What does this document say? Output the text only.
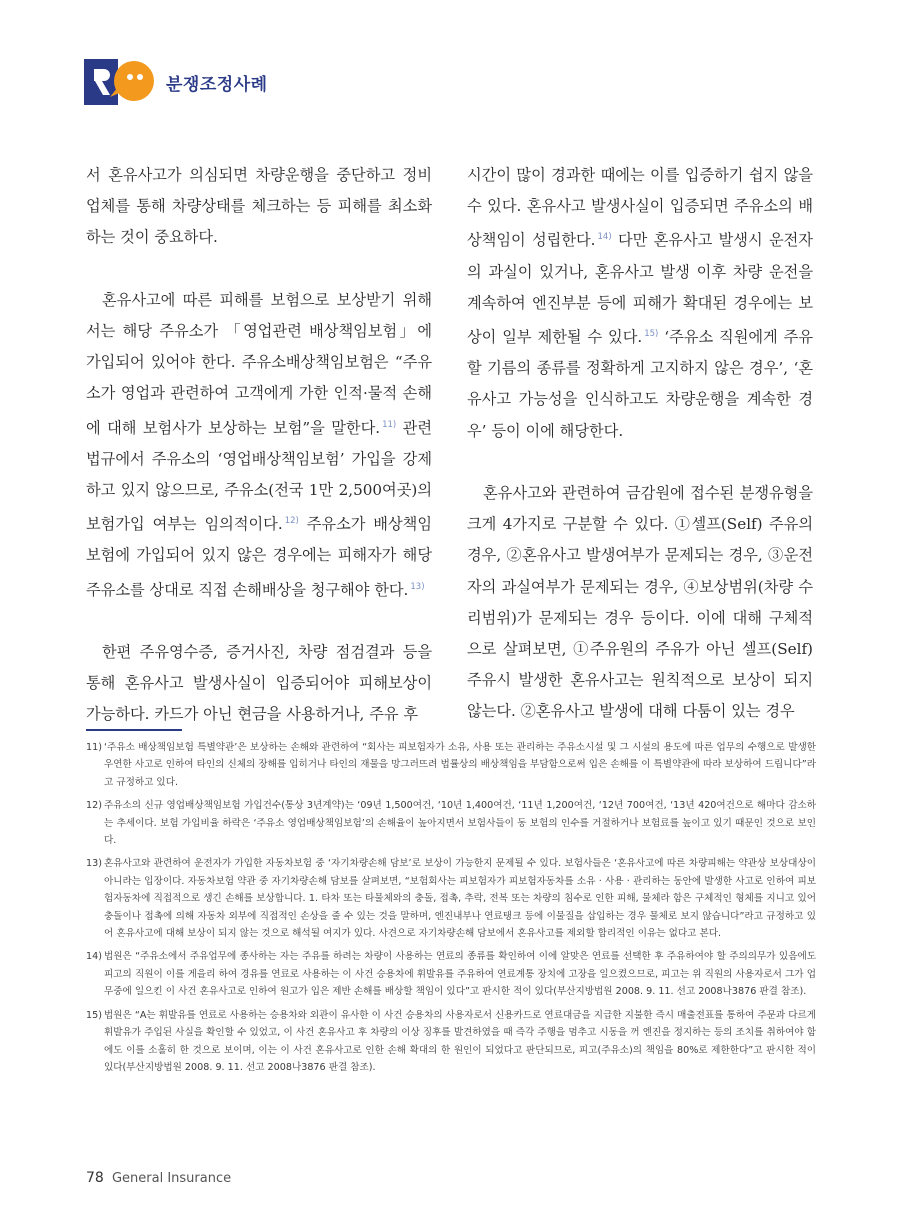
분쟁조정사례

서 혼유사고가 의심되면 차량운행을 중단하고 정비업체를 통해 차량상태를 체크하는 등 피해를 최소화하는 것이 중요하다.

혼유사고에 따른 피해를 보험으로 보상받기 위해서는 해당 주유소가 「영업관련 배상책임보험」에 가입되어 있어야 한다. 주유소배상책임보험은 “주유소가 영업과 관련하여 고객에게 가한 인적·물적 손해에 대해 보험사가 보상하는 보험”을 말한다. $^{11)}$ 관련 법규에서 주유소의 ‘영업배상책임보험’ 가입을 강제하고 있지 않으므로, 주유소(전국 1만 2,500여곳)의 보험가입 여부는 임의적이다. $^{12)}$ 주유소가 배상책임보험에 가입되어 있지 않은 경우에는 피해자가 해당 주유소를 상대로 직접 손해배상을 청구해야 한다. $^{13)}$

한편 주유영수증, 증거사진, 차량 점검결과 등을 통해 혼유사고 발생사실이 입증되어야 피해보상이 가능하다. 카드가 아닌 현금을 사용하거나, 주유 후

시간이 많이 경과한 때에는 이를 입증하기 쉽지 않을 수 있다. 혼유사고 발생사실이 입증되면 주유소의 배상책임이 성립한다. $^{14)}$ 다만 혼유사고 발생시 운전자의 과실이 있거나, 혼유사고 발생 이후 차량 운전을 계속하여 엔진부분 등에 피해가 확대된 경우에는 보상이 일부 제한될 수 있다. $^{15)}$ ‘주유소 직원에게 주유할 기름의 종류를 정확하게 고지하지 않은 경우’, ‘혼유사고 가능성을 인식하고도 차량운행을 계속한 경우’ 등이 이에 해당한다.

혼유사고와 관련하여 금감원에 접수된 분쟁유형을 크게 4가지로 구분할 수 있다. ①셀프(Self) 주유의 경우, ②혼유사고 발생여부가 문제되는 경우, ③운전자의 과실여부가 문제되는 경우, ④보상범위(차량 수리범위)가 문제되는 경우 등이다. 이에 대해 구체적으로 살펴보면, ①주유원의 주유가 아닌 셀프(Self) 주유시 발생한 혼유사고는 원칙적으로 보상이 되지 않는다. ②혼유사고 발생에 대해 다툼이 있는 경우

11) ‘주유소 배상책임보험 특별약관’은 보상하는 손해와 관련하여 “회사는 피보험자가 소유, 사용 또는 관리하는 주유소시설 및 그 시설의 용도에 따른 업무의 수행으로 발생한 우연한 사고로 인하여 타인의 신체의 장해를 입히거나 타인의 재물을 망그러뜨려 법률상의 배상책임을 부담함으로써 입은 손해를 이 특별약관에 따라 보상하여 드립니다”라고 규정하고 있다.
12) 주유소의 신규 영업배상책임보험 가입건수(통상 3년계약)는 ‘09년 1,500여건, ‘10년 1,400여건, ‘11년 1,200여건, ‘12년 700여건, ‘13년 420여건으로 해마다 감소하는 추세이다. 보험 가입비율 하락은 ‘주유소 영업배상책임보험’의 손해율이 높아지면서 보험사들이 동 보험의 인수를 거절하거나 보험료를 높이고 있기 때문인 것으로 보인다.
13) 혼유사고와 관련하여 운전자가 가입한 자동차보험 중 ‘자기차량손해 담보’로 보상이 가능한지 문제될 수 있다. 보험사들은 ‘혼유사고에 따른 차량피해는 약관상 보상대상이 아니라는 입장이다. 자동차보험 약관 중 자기차량손해 담보를 살펴보면, “보험회사는 피보험자가 피보험자동차를 소유 · 사용 · 관리하는 동안에 발생한 사고로 인하여 피보험자동차에 직접적으로 생긴 손해를 보상합니다. 1. 타차 또는 타물체와의 충돌, 접촉, 추락, 전복 또는 차량의 침수로 인한 피해, 물체라 함은 구체적인 형체를 지니고 있어 충돌이나 접촉에 의해 자동차 외부에 직접적인 손상을 줄 수 있는 것을 말하며, 엔진내부나 연료탱크 등에 이물질을 삽입하는 경우 물체로 보지 않습니다”라고 규정하고 있어 혼유사고에 대해 보상이 되지 않는 것으로 해석될 여지가 있다. 사견으로 자기차량손해 담보에서 혼유사고를 제외할 합리적인 이유는 없다고 본다.
14) 법원은 “주유소에서 주유업무에 종사하는 자는 주유를 하려는 차량이 사용하는 연료의 종류를 확인하여 이에 알맞은 연료를 선택한 후 주유하여야 할 주의의무가 있음에도 피고의 직원이 이를 게을리 하여 경유를 연료로 사용하는 이 사건 승용차에 휘발유를 주유하여 연료계통 장치에 고장을 일으켰으므로, 피고는 위 직원의 사용자로서 그가 업무중에 일으킨 이 사건 혼유사고로 인하여 원고가 입은 제반 손해를 배상할 책임이 있다”고 판시한 적이 있다(부산지방법원 2008. 9. 11. 선고 2008나3876 판결 참조).
15) 법원은 “A는 휘발유를 연료로 사용하는 승용차와 외관이 유사한 이 사건 승용차의 사용자로서 신용카드로 연료대금을 지급한 지불한 즉시 매출전표를 통하여 주문과 다르게 휘발유가 주입된 사실을 확인할 수 있었고, 이 사건 혼유사고 후 차량의 이상 징후를 발견하였을 때 즉각 주행을 멈추고 시동을 꺼 엔진을 정지하는 등의 조치를 취하여야 함에도 이를 소홀히 한 것으로 보이며, 이는 이 사건 혼유사고로 인한 손해 확대의 한 원인이 되었다고 판단되므로, 피고(주유소)의 책임을 80%로 제한한다”고 판시한 적이 있다(부산지방법원 2008. 9. 11. 선고 2008나3876 판결 참조).
78 General Insurance
